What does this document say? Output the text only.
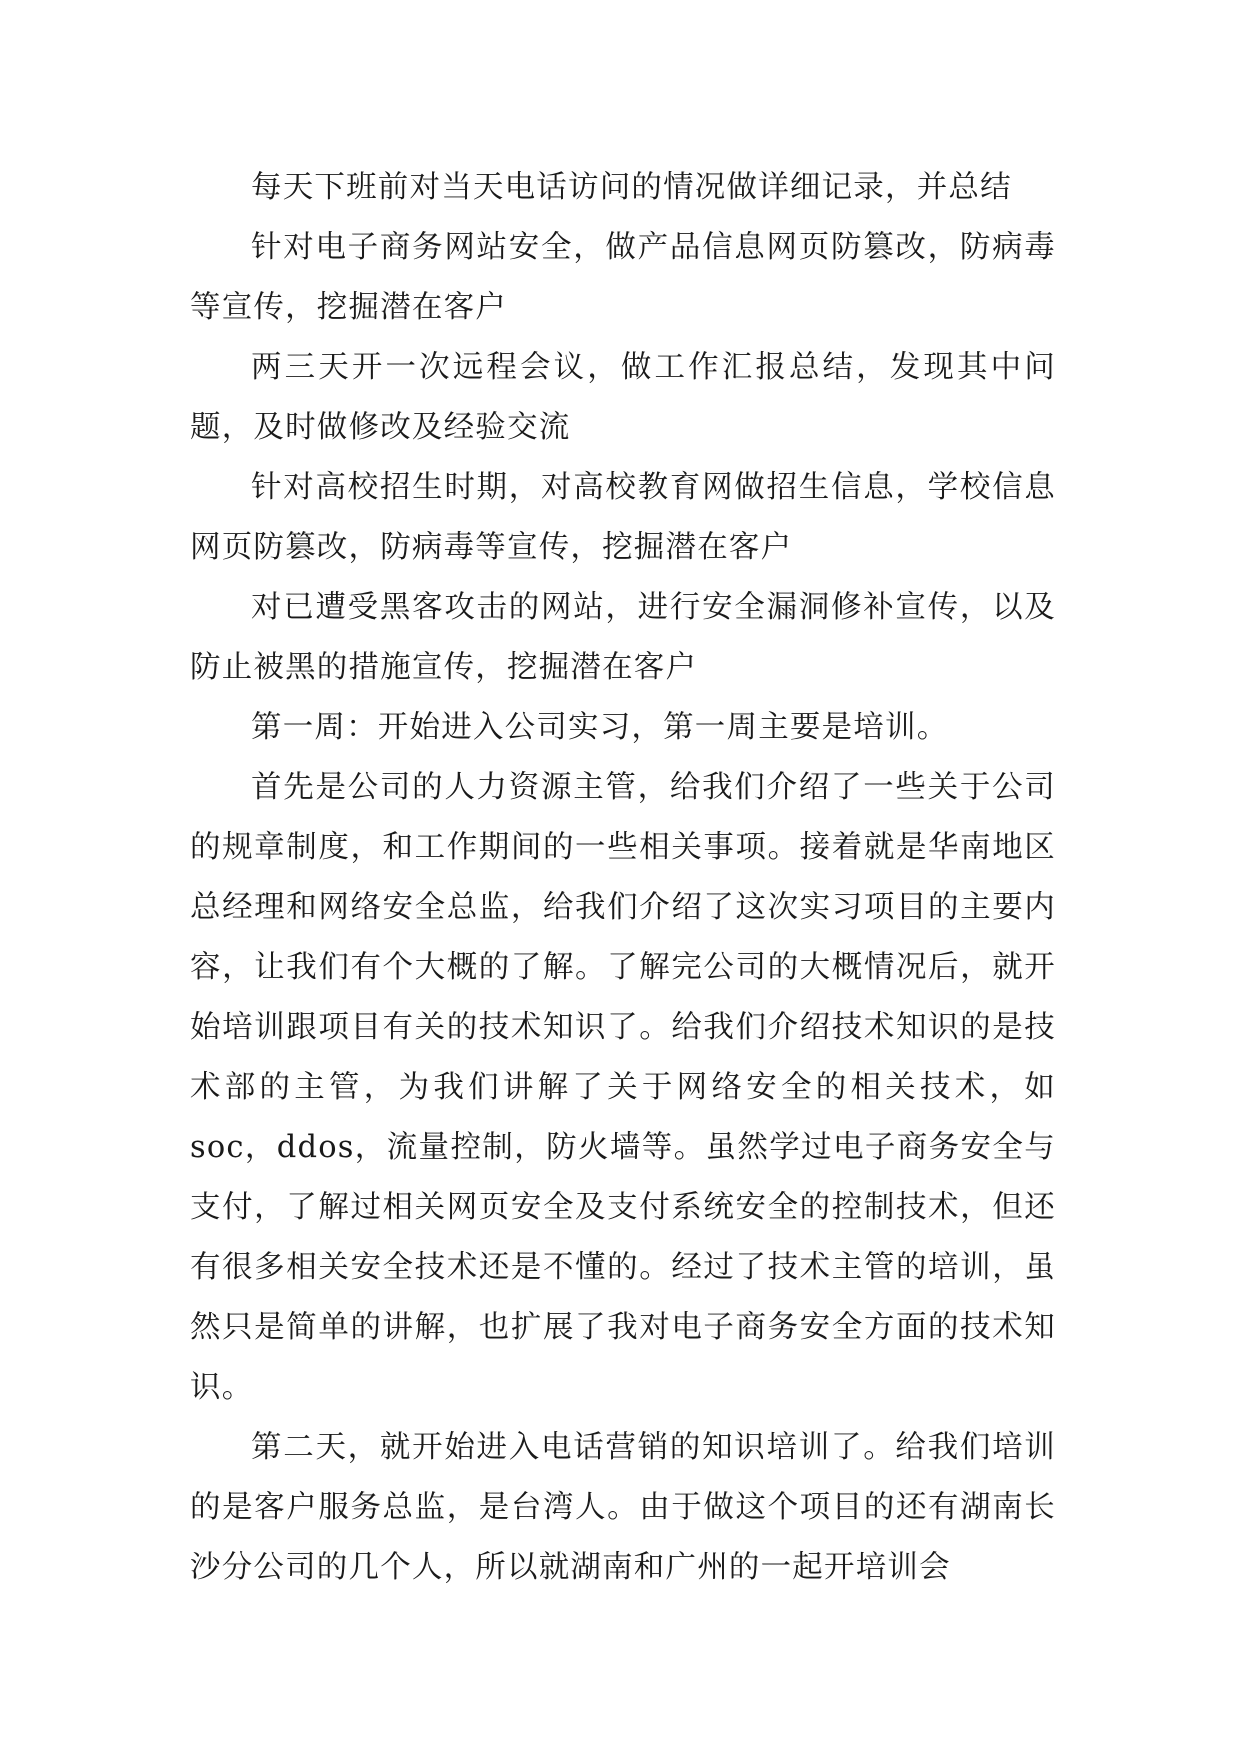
每天下班前对当天电话访问的情况做详细记录，并总结

针对电子商务网站安全，做产品信息网页防篡改，防病毒等宣传，挖掘潜在客户

两三天开一次远程会议，做工作汇报总结，发现其中问题，及时做修改及经验交流

针对高校招生时期，对高校教育网做招生信息，学校信息网页防篡改，防病毒等宣传，挖掘潜在客户

对已遭受黑客攻击的网站，进行安全漏洞修补宣传，以及防止被黑的措施宣传，挖掘潜在客户

第一周：开始进入公司实习，第一周主要是培训。

首先是公司的人力资源主管，给我们介绍了一些关于公司的规章制度，和工作期间的一些相关事项。接着就是华南地区总经理和网络安全总监，给我们介绍了这次实习项目的主要内容，让我们有个大概的了解。了解完公司的大概情况后，就开始培训跟项目有关的技术知识了。给我们介绍技术知识的是技术部的主管，为我们讲解了关于网络安全的相关技术，如soc，ddos，流量控制，防火墙等。虽然学过电子商务安全与支付，了解过相关网页安全及支付系统安全的控制技术，但还有很多相关安全技术还是不懂的。经过了技术主管的培训，虽然只是简单的讲解，也扩展了我对电子商务安全方面的技术知识。

第二天，就开始进入电话营销的知识培训了。给我们培训的是客户服务总监，是台湾人。由于做这个项目的还有湖南长沙分公司的几个人，所以就湖南和广州的一起开培训会
